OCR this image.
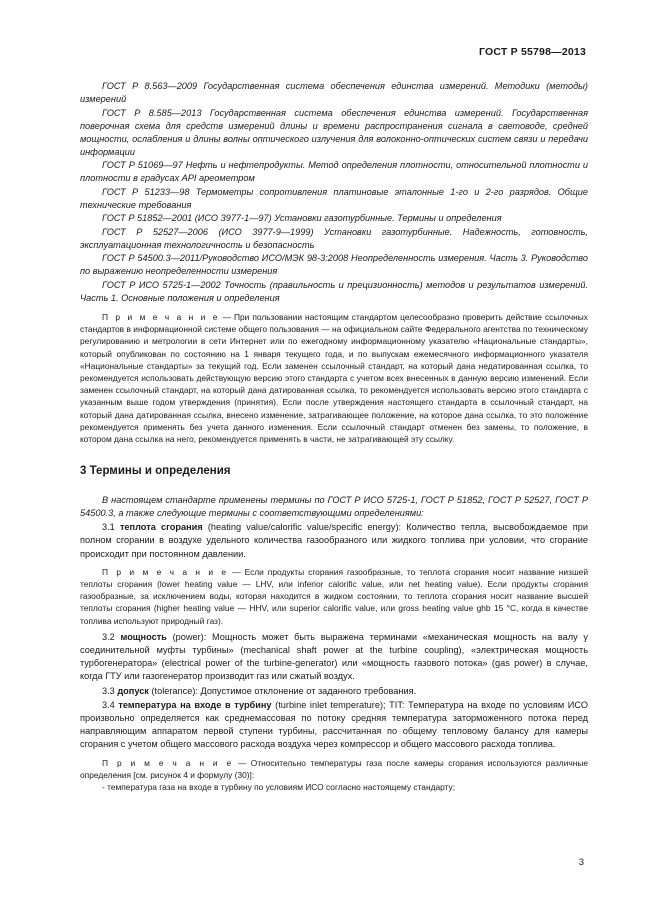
ГОСТ Р 55798—2013

ГОСТ Р 8.563—2009 Государственная система обеспечения единства измерений. Методики (методы) измерений

ГОСТ Р 8.585—2013 Государственная система обеспечения единства измерений. Государственная поверочная схема для средств измерений длины и времени распространения сигнала в световоде, средней мощности, ослабления и длины волны оптического излучения для волоконно-оптических систем связи и передачи информации

ГОСТ Р 51069—97 Нефть и нефтепродукты. Метод определения плотности, относительной плотности и плотности в градусах API ареометром

ГОСТ Р 51233—98 Термометры сопротивления платиновые эталонные 1-го и 2-го разрядов. Общие технические требования

ГОСТ Р 51852—2001 (ИСО 3977-1—97) Установки газотурбинные. Термины и определения

ГОСТ Р 52527—2006 (ИСО 3977-9—1999) Установки газотурбинные. Надежность, готовность, эксплуатационная технологичность и безопасность

ГОСТ Р 54500.3—2011/Руководство ИСО/МЭК 98-3:2008 Неопределенность измерения. Часть 3. Руководство по выражению неопределенности измерения

ГОСТ Р ИСО 5725-1—2002 Точность (правильность и прецизионность) методов и результатов измерений. Часть 1. Основные положения и определения

П р и м е ч а н и е — При пользовании настоящим стандартом целесообразно проверить действие ссылочных стандартов в информационной системе общего пользования — на официальном сайте Федерального агентства по техническому регулированию и метрологии в сети Интернет или по ежегодному информационному указателю «Национальные стандарты», который опубликован по состоянию на 1 января текущего года, и по выпускам ежемесячного информационного указателя «Национальные стандарты» за текущий год. Если заменен ссылочный стандарт, на который дана недатированная ссылка, то рекомендуется использовать действующую версию этого стандарта с учетом всех внесенных в данную версию изменений. Если заменен ссылочный стандарт, на который дана датированная ссылка, то рекомендуется использовать версию этого стандарта с указанным выше годом утверждения (принятия). Если после утверждения настоящего стандарта в ссылочный стандарт, на который дана датированная ссылка, внесено изменение, затрагивающее положение, на которое дана ссылка, то это положение рекомендуется применять без учета данного изменения. Если ссылочный стандарт отменен без замены, то положение, в котором дана ссылка на него, рекомендуется применять в части, не затрагивающей эту ссылку.

3 Термины и определения

В настоящем стандарте применены термины по ГОСТ Р ИСО 5725-1, ГОСТ Р 51852, ГОСТ Р 52527, ГОСТ Р 54500.3, а также следующие термины с соответствующими определениями:

3.1 теплота сгорания (heating value/calorific value/specific energy): Количество тепла, высвобождаемое при полном сгорании в воздухе удельного количества газообразного или жидкого топлива при условии, что сгорание происходит при постоянном давлении.

П р и м е ч а н и е — Если продукты сгорания газообразные, то теплота сгорания носит название низшей теплоты сгорания (lower heating value — LHV, или inferior calorific value, или net heating value). Если продукты сгорания газообразные, за исключением воды, которая находится в жидком состоянии, то теплота сгорания носит название высшей теплоты сгорания (higher heating value — HHV, или superior calorific value, или gross heating value ghb 15 °C, когда в качестве топлива используют природный газ).

3.2 мощность (power): Мощность может быть выражена терминами «механическая мощность на валу у соединительной муфты турбины» (mechanical shaft power at the turbine coupling), «электрическая мощность турбогенератора» (electrical power of the turbine-generator) или «мощность газового потока» (gas power) в случае, когда ГТУ или газогенератор производит газ или сжатый воздух.

3.3 допуск (tolerance): Допустимое отклонение от заданного требования.

3.4 температура на входе в турбину (turbine inlet temperature); TIT: Температура на входе по условиям ИСО произвольно определяется как среднемассовая по потоку средняя температура заторможенного потока перед направляющим аппаратом первой ступени турбины, рассчитанная по общему тепловому балансу для камеры сгорания с учетом общего массового расхода воздуха через компрессор и общего массового расхода топлива.

П р и м е ч а н и е — Относительно температуры газа после камеры сгорания используются различные определения [см. рисунок 4 и формулу (30)]:

- температура газа на входе в турбину по условиям ИСО согласно настоящему стандарту;

3
